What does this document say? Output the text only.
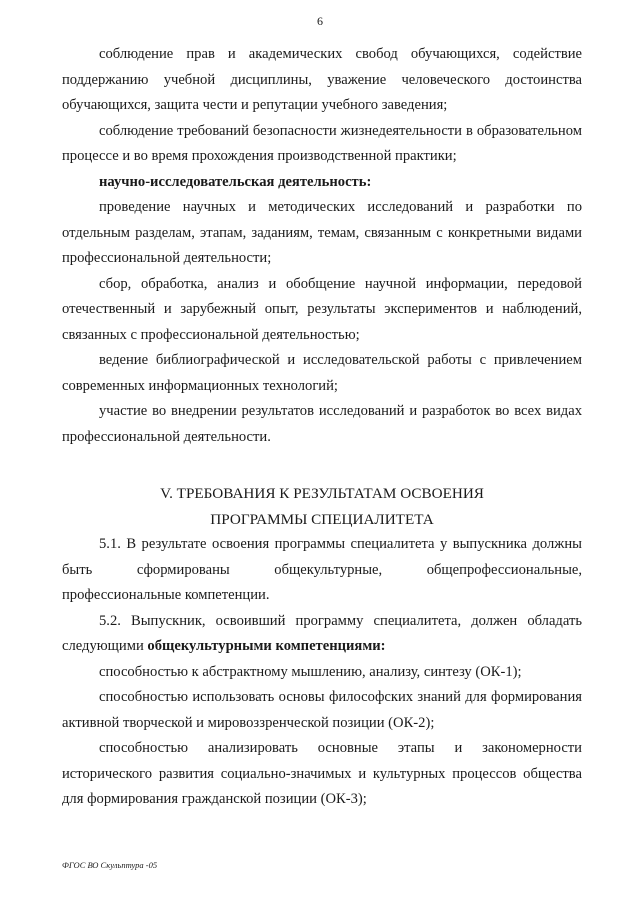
6

соблюдение прав и академических свобод обучающихся, содействие поддержанию учебной дисциплины, уважение человеческого достоинства обучающихся, защита чести и репутации учебного заведения;

соблюдение требований безопасности жизнедеятельности в образовательном процессе и во время прохождения производственной практики;

научно-исследовательская деятельность:

проведение научных и методических исследований и разработки по отдельным разделам, этапам, заданиям, темам, связанным с конкретными видами профессиональной деятельности;

сбор, обработка, анализ и обобщение научной информации, передовой отечественный и зарубежный опыт, результаты экспериментов и наблюдений, связанных с профессиональной деятельностью;

ведение библиографической и исследовательской работы с привлечением современных информационных технологий;

участие во внедрении результатов исследований и разработок во всех видах профессиональной деятельности.

V. ТРЕБОВАНИЯ К РЕЗУЛЬТАТАМ ОСВОЕНИЯ
ПРОГРАММЫ СПЕЦИАЛИТЕТА

5.1. В результате освоения программы специалитета у выпускника должны быть сформированы общекультурные, общепрофессиональные, профессиональные компетенции.

5.2. Выпускник, освоивший программу специалитета, должен обладать следующими общекультурными компетенциями:

способностью к абстрактному мышлению, анализу, синтезу (ОК-1);

способностью использовать основы философских знаний для формирования активной творческой и мировоззренческой позиции (ОК-2);

способностью анализировать основные этапы и закономерности исторического развития социально-значимых и культурных процессов общества для формирования гражданской позиции (ОК-3);

ФГОС ВО Скульптура -05
